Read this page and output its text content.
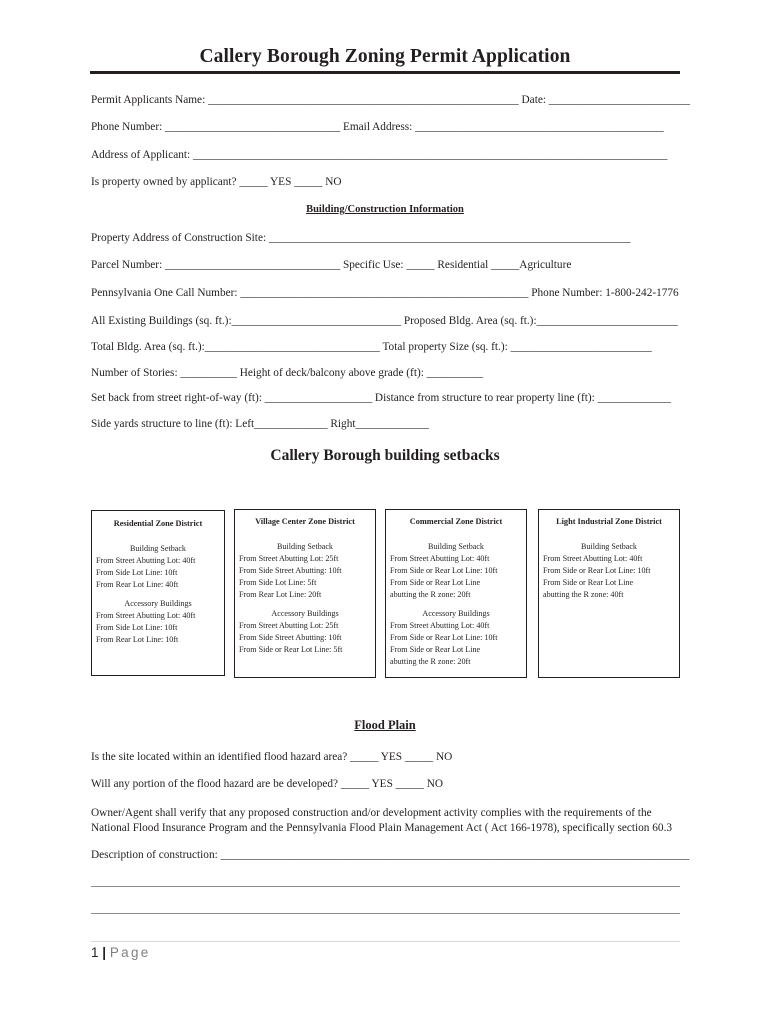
Callery Borough Zoning Permit Application
Permit Applicants Name: _______________________________________________________ Date: _________________________
Phone Number: _______________________________ Email Address: ____________________________________________
Address of Applicant: ____________________________________________________________________________________
Is property owned by applicant? _____ YES _____ NO
Building/Construction Information
Property Address of Construction Site: ________________________________________________________________
Parcel Number: _______________________________ Specific Use: _____ Residential _____Agriculture
Pennsylvania One Call Number: ___________________________________________________ Phone Number: 1-800-242-1776
All Existing Buildings (sq. ft.):______________________________ Proposed Bldg. Area (sq. ft.):_________________________
Total Bldg. Area (sq. ft.):_______________________________ Total property Size (sq. ft.): _________________________
Number of Stories: __________ Height of deck/balcony above grade (ft): __________
Set back from street right-of-way (ft): ___________________ Distance from structure to rear property line (ft): _____________
Side yards structure to line (ft): Left_____________ Right_____________
Callery Borough building setbacks
Residential Zone District
Building Setback
From Street Abutting Lot: 40ft
From Side Lot Line: 10ft
From Rear Lot Line: 40ft
Accessory Buildings
From Street Abutting Lot: 40ft
From Side Lot Line: 10ft
From Rear Lot Line: 10ft
Village Center Zone District
Building Setback
From Street Abutting Lot: 25ft
From Side Street Abutting: 10ft
From Side Lot Line: 5ft
From Rear Lot Line: 20ft
Accessory Buildings
From Street Abutting Lot: 25ft
From Side Street Abutting: 10ft
From Side or Rear Lot Line: 5ft
Commercial Zone District
Building Setback
From Street Abutting Lot: 40ft
From Side or Rear Lot Line: 10ft
From Side or Rear Lot Line
abutting the R zone: 20ft
Accessory Buildings
From Street Abutting Lot: 40ft
From Side or Rear Lot Line: 10ft
From Side or Rear Lot Line
abutting the R zone: 20ft
Light Industrial Zone District
Building Setback
From Street Abutting Lot: 40ft
From Side or Rear Lot Line: 10ft
From Side or Rear Lot Line
abutting the R zone: 40ft
Flood Plain
Is the site located within an identified flood hazard area? _____ YES _____ NO
Will any portion of the flood hazard are be developed? _____ YES _____ NO
Owner/Agent shall verify that any proposed construction and/or development activity complies with the requirements of the
National Flood Insurance Program and the Pennsylvania Flood Plain Management Act ( Act 166-1978), specifically section 60.3
Description of construction: ___________________________________________________________________________________
1 | Page
